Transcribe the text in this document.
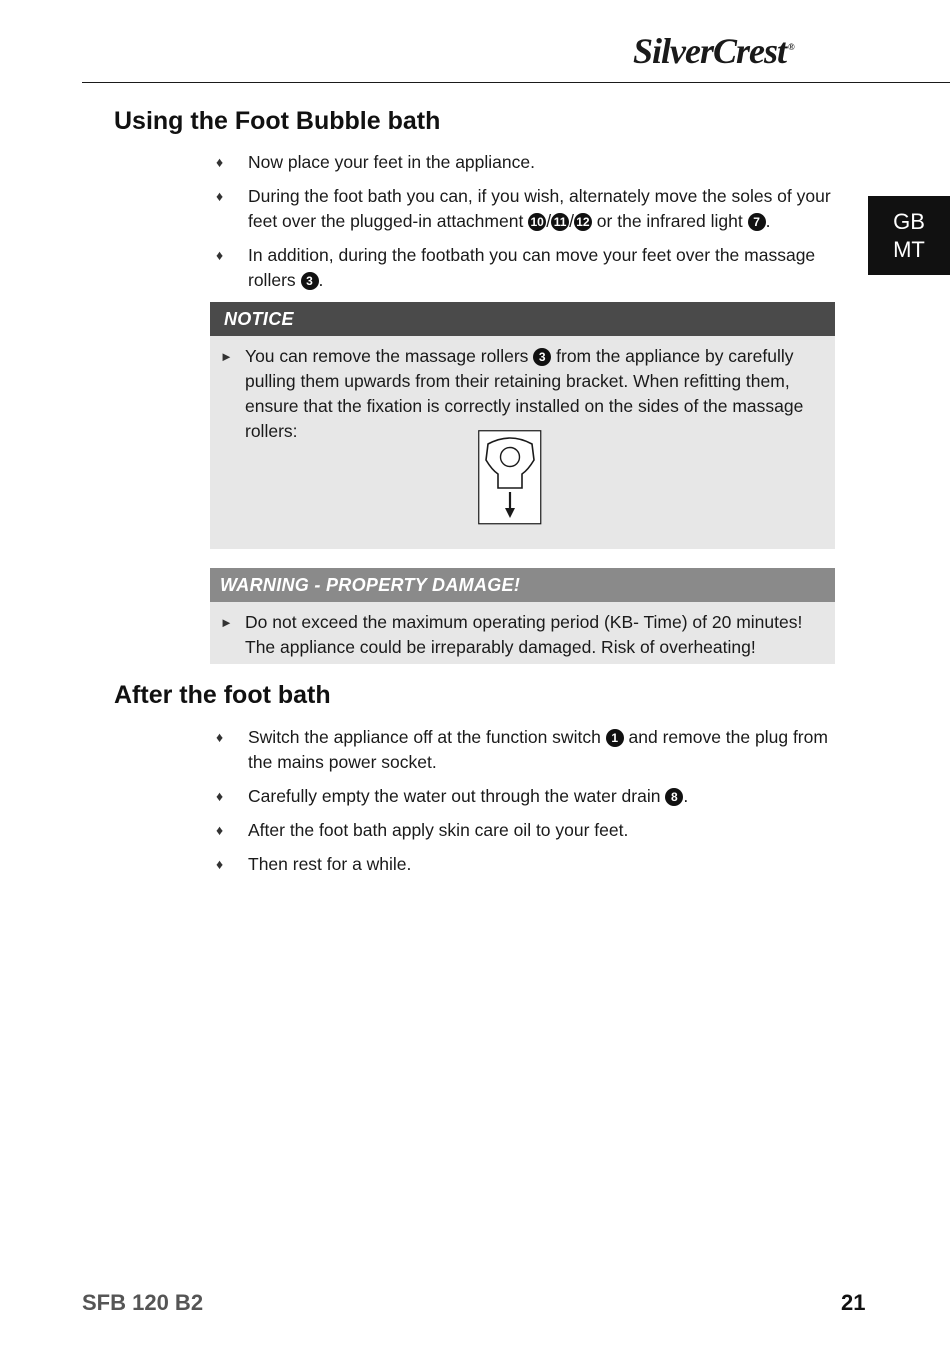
SilverCrest ®
GB
MT
Using the Foot Bubble bath
♦ Now place your feet in the appliance.
♦ During the foot bath you can, if you wish, alternately move the soles of your feet over the plugged-in attachment 10 / 11 / 12 or the infrared light 7 .
♦ In addition, during the footbath you can move your feet over the massage rollers 3 .
NOTICE
► You can remove the massage rollers 3 from the appliance by carefully pulling them upwards from their retaining bracket. When refitting them, ensure that the fixation is correctly installed on the sides of the massage rollers:
WARNING - PROPERTY DAMAGE!
► Do not exceed the maximum operating period (KB- Time) of 20 minutes! The appliance could be irreparably damaged. Risk of overheating!
After the foot bath
♦ Switch the appliance off at the function switch 1 and remove the plug from the mains power socket.
♦ Carefully empty the water out through the water drain 8 .
♦ After the foot bath apply skin care oil to your feet.
♦ Then rest for a while.
SFB 120 B2	21
